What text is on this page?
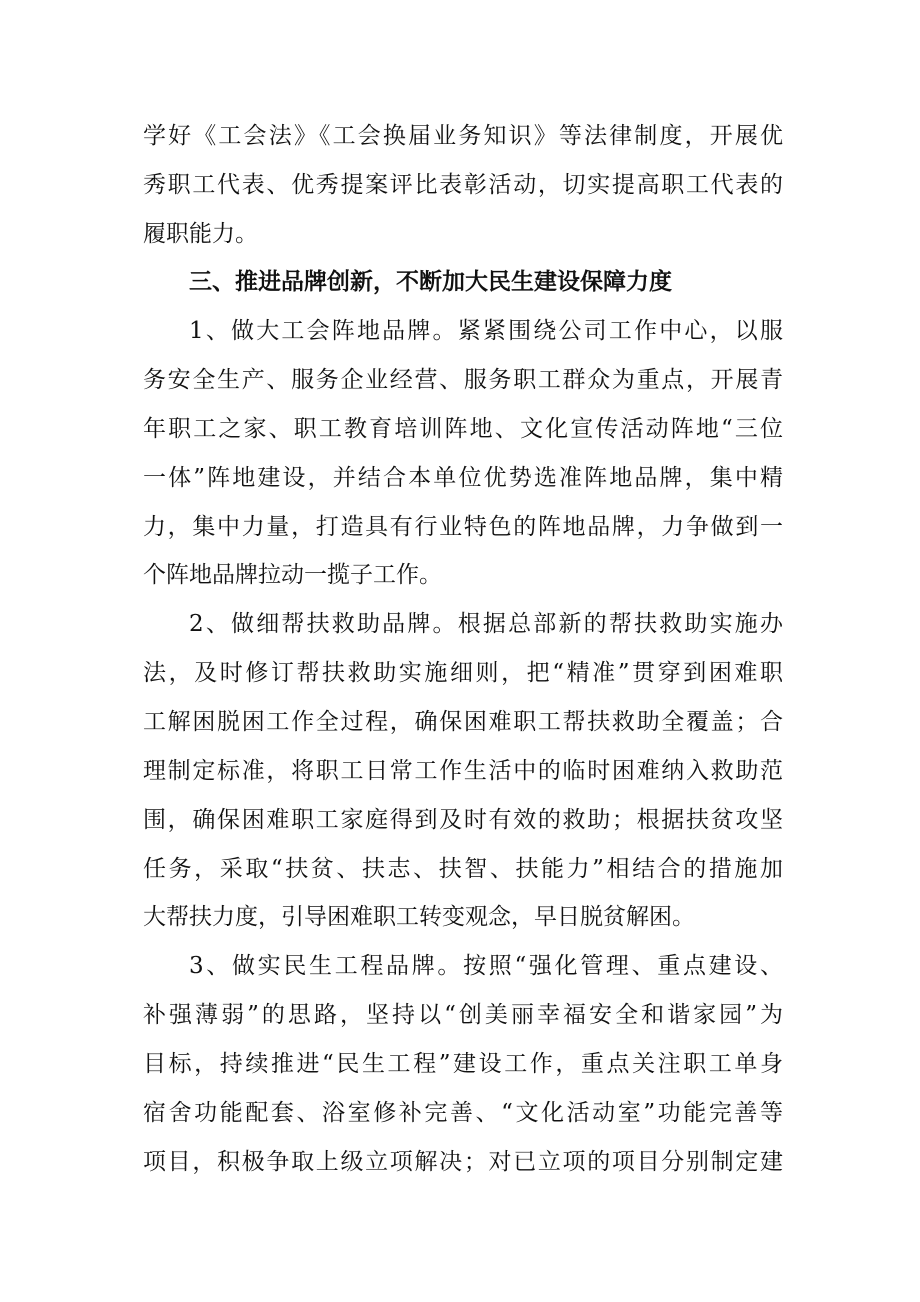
学好《工会法》《工会换届业务知识》等法律制度，开展优
秀职工代表、优秀提案评比表彰活动，切实提高职工代表的
履职能力。
三、推进品牌创新，不断加大民生建设保障力度
1、做大工会阵地品牌。紧紧围绕公司工作中心，以服
务安全生产、服务企业经营、服务职工群众为重点，开展青
年职工之家、职工教育培训阵地、文化宣传活动阵地“三位
一体”阵地建设，并结合本单位优势选准阵地品牌，集中精
力，集中力量，打造具有行业特色的阵地品牌，力争做到一
个阵地品牌拉动一揽子工作。
2、做细帮扶救助品牌。根据总部新的帮扶救助实施办
法，及时修订帮扶救助实施细则，把“精准”贯穿到困难职
工解困脱困工作全过程，确保困难职工帮扶救助全覆盖；合
理制定标准，将职工日常工作生活中的临时困难纳入救助范
围，确保困难职工家庭得到及时有效的救助；根据扶贫攻坚
任务，采取“扶贫、扶志、扶智、扶能力”相结合的措施加
大帮扶力度，引导困难职工转变观念，早日脱贫解困。
3、做实民生工程品牌。按照“强化管理、重点建设、
补强薄弱”的思路，坚持以“创美丽幸福安全和谐家园”为
目标，持续推进“民生工程”建设工作，重点关注职工单身
宿舍功能配套、浴室修补完善、“文化活动室”功能完善等
项目，积极争取上级立项解决；对已立项的项目分别制定建
